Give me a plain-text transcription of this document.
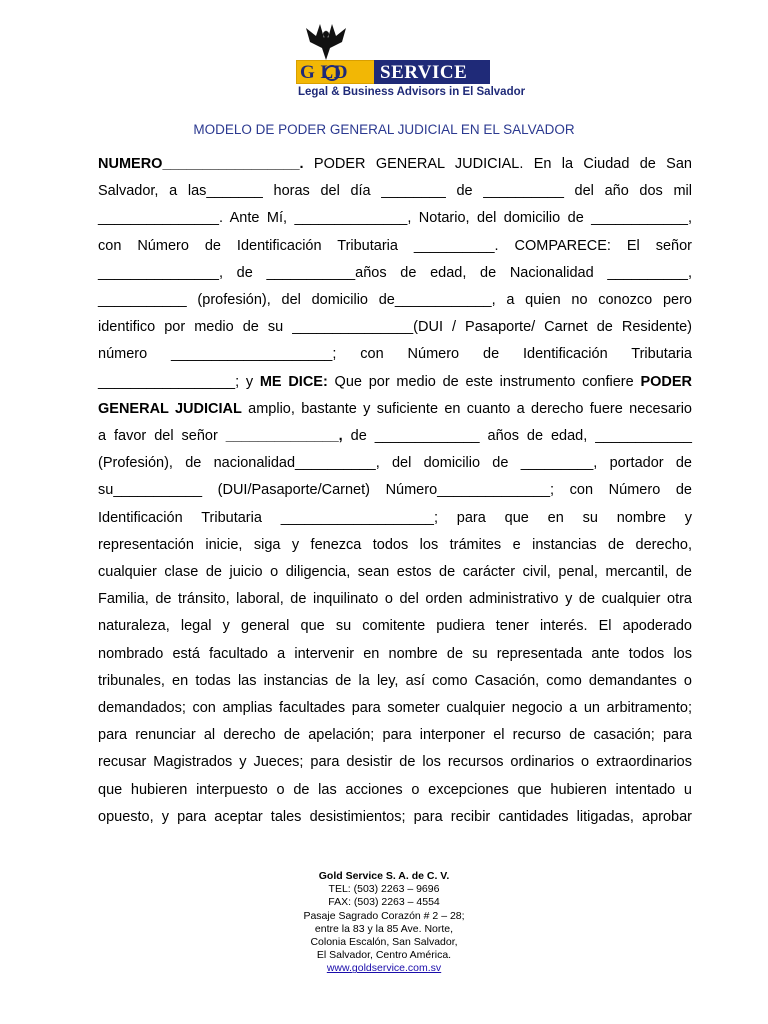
G LD SERVICE
Legal & Business Advisors in El Salvador
MODELO DE PODER GENERAL JUDICIAL EN EL SALVADOR
NUMERO_________________. PODER GENERAL JUDICIAL. En la Ciudad de San
Salvador, a las_______ horas del día ________ de __________ del año dos mil
_______________. Ante Mí, ______________, Notario, del domicilio de ____________,
con Número de Identificación Tributaria __________. COMPARECE: El señor
_______________, de ___________años de edad, de Nacionalidad __________,
___________ (profesión), del domicilio de____________, a quien no conozco pero
identifico por medio de su _______________(DUI / Pasaporte/ Carnet de Residente)
número ____________________; con Número de Identificación Tributaria
_________________; y ME DICE: Que por medio de este instrumento confiere PODER
GENERAL JUDICIAL amplio, bastante y suficiente en cuanto a derecho fuere necesario
a favor del señor ______________, de _____________ años de edad, ____________
(Profesión), de nacionalidad__________, del domicilio de _________, portador de
su___________ (DUI/Pasaporte/Carnet) Número______________; con Número de
Identificación Tributaria ___________________; para que en su nombre y
representación inicie, siga y fenezca todos los trámites e instancias de derecho,
cualquier clase de juicio o diligencia, sean estos de carácter civil, penal, mercantil, de
Familia, de tránsito, laboral, de inquilinato o del orden administrativo y de cualquier otra
naturaleza, legal y general que su comitente pudiera tener interés. El apoderado
nombrado está facultado a intervenir en nombre de su representada ante todos los
tribunales, en todas las instancias de la ley, así como Casación, como demandantes o
demandados; con amplias facultades para someter cualquier negocio a un arbitramento;
para renunciar al derecho de apelación; para interponer el recurso de casación; para
recusar Magistrados y Jueces; para desistir de los recursos ordinarios o extraordinarios
que hubieren interpuesto o de las acciones o excepciones que hubieren intentado u
opuesto, y para aceptar tales desistimientos; para recibir cantidades litigadas, aprobar
Gold Service S. A. de C. V.
TEL: (503) 2263 – 9696
FAX: (503) 2263 – 4554
Pasaje Sagrado Corazón # 2 – 28;
entre la 83 y la 85 Ave. Norte,
Colonia Escalón, San Salvador,
El Salvador, Centro América.
www.goldservice.com.sv
